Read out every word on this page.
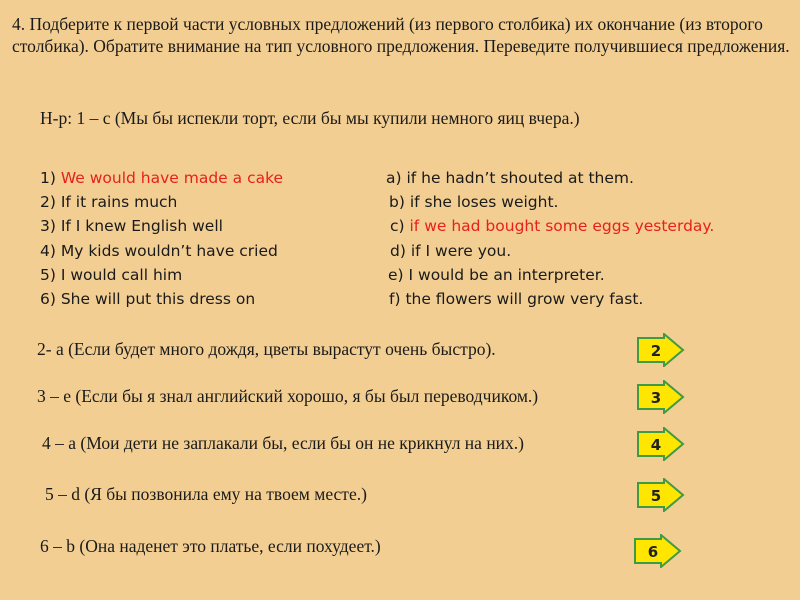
4. Подберите к первой части условных предложений (из первого столбика) их окончание (из второго столбика). Обратите внимание на тип условного предложения. Переведите получившиеся предложения.

Н-р: 1 – с (Мы бы испекли торт, если бы мы купили немного яиц вчера.)
1) We would have made a cake
2) If it rains much
3) If I knew English well
4) My kids wouldn’t have cried
5) I would call him
6) She will put this dress on
a) if he hadn’t shouted at them.
b) if she loses weight.
c) if we had bought some eggs yesterday.
d) if I were you.
e) I would be an interpreter.
f) the flowers will grow very fast.
2- а (Если будет много дождя, цветы вырастут очень быстро).
3 – е (Если бы я знал английский хорошо, я бы был переводчиком.)
4 – а (Мои дети не заплакали бы, если бы он не крикнул на них.)
5 – d (Я бы позвонила ему на твоем месте.)
6 – b (Она наденет это платье, если похудеет.)
2
3
4
5
6
